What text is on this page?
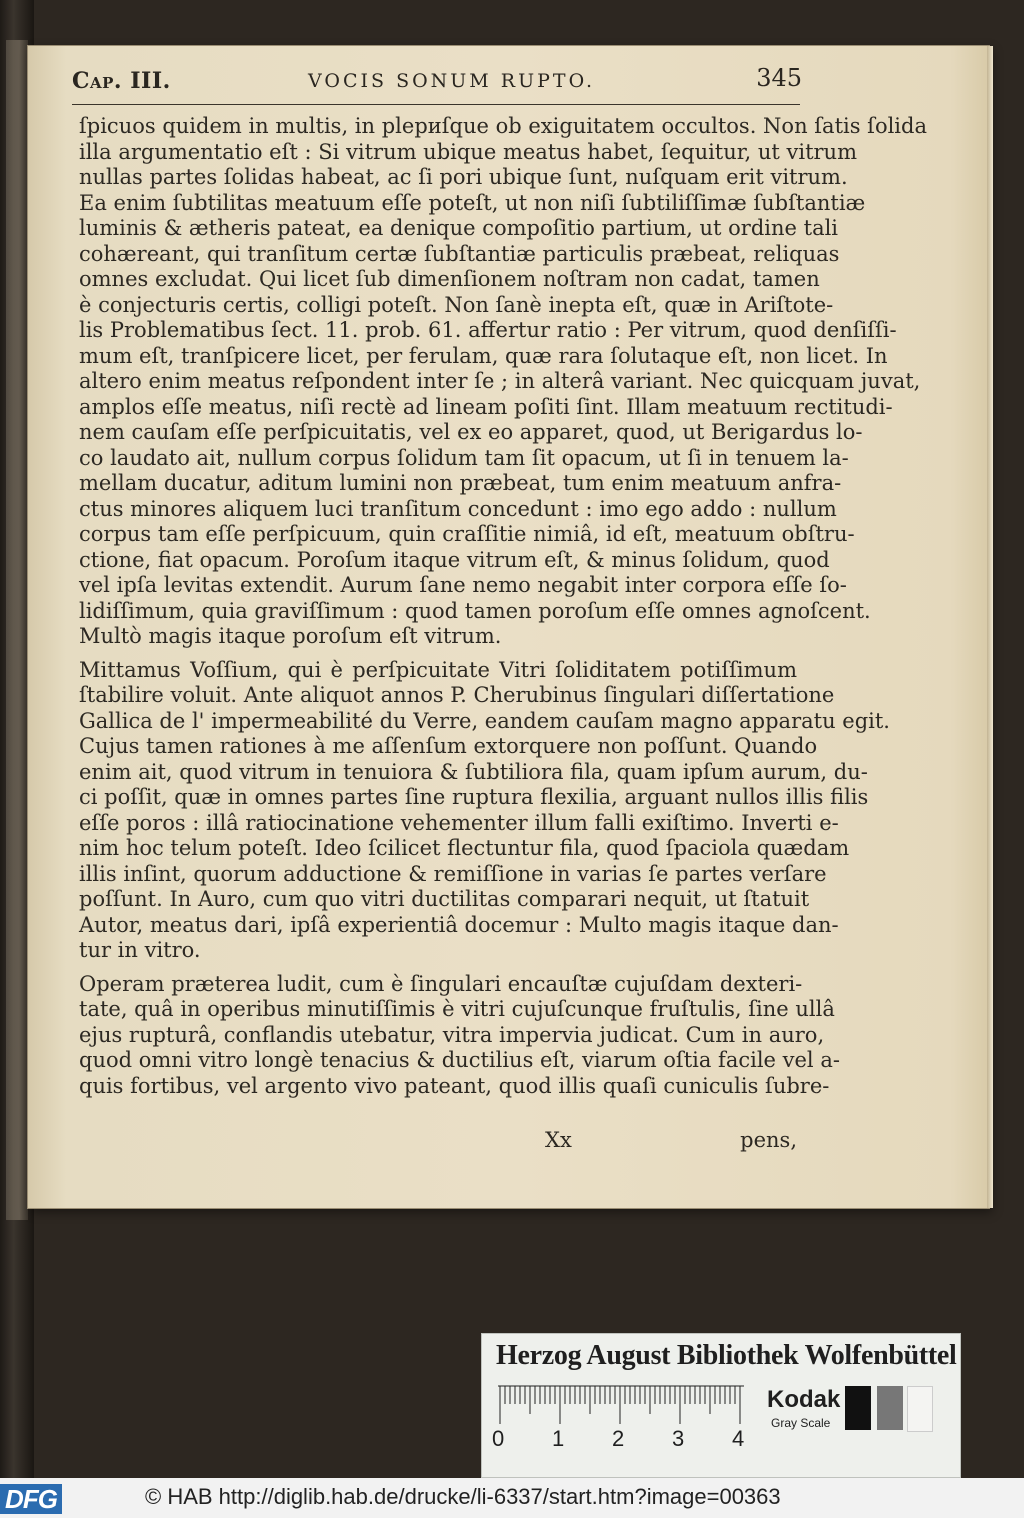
Cap. III.	VOCIS SONUM RUPTO.	345
ſpicuos quidem in multis, in plериſque ob exiguitatem occultos. Non ſatis ſolida
illa argumentatio eſt : Si vitrum ubique meatus habet, ſequitur, ut vitrum
nullas partes ſolidas habeat, ac ſi pori ubique ſunt, nuſquam erit vitrum.
Ea enim ſubtilitas meatuum eſſe poteſt, ut non niſi ſubtiliſſimæ ſubſtantiæ
luminis & ætheris pateat, ea denique compoſitio partium, ut ordine tali
cohæreant, qui tranſitum certæ ſubſtantiæ particulis præbeat, reliquas
omnes excludat. Qui licet ſub dimenſionem noſtram non cadat, tamen
è conjecturis certis, colligi poteſt. Non ſanè inepta eſt, quæ in Ariſtote-
lis Problematibus ſect. 11. prob. 61. affertur ratio : Per vitrum, quod denſiſſi-
mum eſt, tranſpicere licet, per ferulam, quæ rara ſolutaque eſt, non licet. In
altero enim meatus reſpondent inter ſe ; in alterâ variant. Nec quicquam juvat,
amplos eſſe meatus, niſi rectè ad lineam poſiti ſint. Illam meatuum rectitudi-
nem cauſam eſſe perſpicuitatis, vel ex eo apparet, quod, ut Berigardus lo-
co laudato ait, nullum corpus ſolidum tam ſit opacum, ut ſi in tenuem la-
mellam ducatur, aditum lumini non præbeat, tum enim meatuum anfra-
ctus minores aliquem luci tranſitum concedunt : imo ego addo : nullum
corpus tam eſſe perſpicuum, quin craſſitie nimiâ, id eſt, meatuum obſtru-
ctione, fiat opacum. Poroſum itaque vitrum eſt, & minus ſolidum, quod
vel ipſa levitas extendit. Aurum ſane nemo negabit inter corpora eſſe ſo-
lidiſſimum, quia graviſſimum : quod tamen poroſum eſſe omnes agnoſcent.
Multò magis itaque poroſum eſt vitrum.
Mittamus Voſſium, qui è perſpicuitate Vitri ſoliditatem potiſſimum
ſtabilire voluit. Ante aliquot annos P. Cherubinus ſingulari diſſertatione
Gallica de l' impermeabilité du Verre, eandem cauſam magno apparatu egit.
Cujus tamen rationes à me aſſenſum extorquere non poſſunt. Quando
enim ait, quod vitrum in tenuiora & ſubtiliora fila, quam ipſum aurum, du-
ci poſſit, quæ in omnes partes ſine ruptura flexilia, arguant nullos illis filis
eſſe poros : illâ ratiocinatione vehementer illum falli exiſtimo. Inverti e-
nim hoc telum poteſt. Ideo ſcilicet flectuntur fila, quod ſpaciola quædam
illis inſint, quorum adductione & remiſſione in varias ſe partes verſare
poſſunt. In Auro, cum quo vitri ductilitas comparari nequit, ut ſtatuit
Autor, meatus dari, ipſâ experientiâ docemur : Multo magis itaque dan-
tur in vitro.
Operam præterea ludit, cum è ſingulari encauſtæ cujuſdam dexteri-
tate, quâ in operibus minutiſſimis è vitri cujuſcunque fruſtulis, ſine ullâ
ejus rupturâ, conflandis utebatur, vitra impervia judicat. Cum in auro,
quod omni vitro longè tenacius & ductilius eſt, viarum oſtia facile vel a-
quis fortibus, vel argento vivo pateant, quod illis quaſi cuniculis ſubre-
Xx	pens,
Herzog August Bibliothek Wolfenbüttel
0 1 2 3 4
Kodak
Gray Scale
DFG	© HAB http://diglib.hab.de/drucke/li-6337/start.htm?image=00363
